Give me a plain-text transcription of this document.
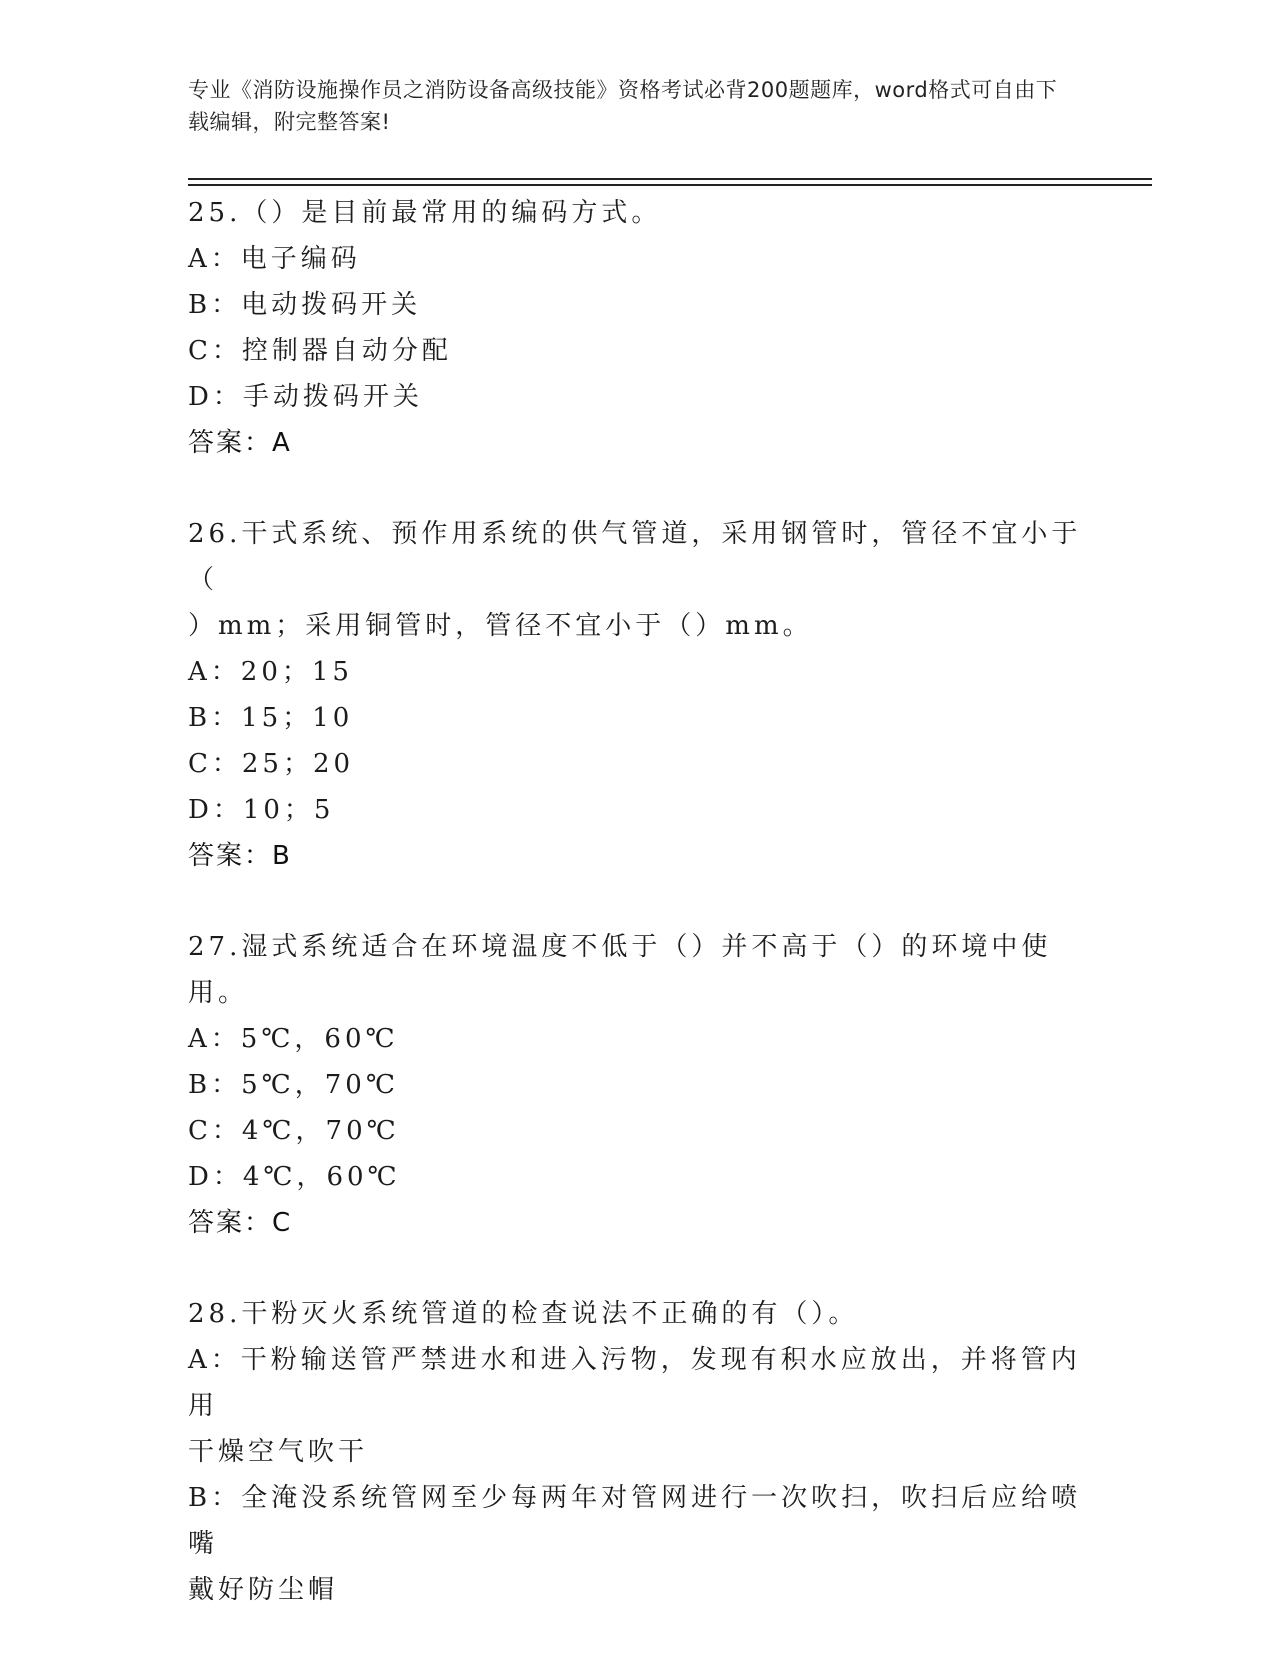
专业《消防设施操作员之消防设备高级技能》资格考试必背200题题库，word格式可自由下载编辑，附完整答案!
25.（）是目前最常用的编码方式。
A：电子编码
B：电动拨码开关
C：控制器自动分配
D：手动拨码开关
答案：A
26.干式系统、预作用系统的供气管道，采用钢管时，管径不宜小于（
）mm；采用铜管时，管径不宜小于（）mm。
A：20；15
B：15；10
C：25；20
D：10；5
答案：B
27.湿式系统适合在环境温度不低于（）并不高于（）的环境中使用。
A：5℃，60℃
B：5℃，70℃
C：4℃，70℃
D：4℃，60℃
答案：C
28.干粉灭火系统管道的检查说法不正确的有（）。
A：干粉输送管严禁进水和进入污物，发现有积水应放出，并将管内用
干燥空气吹干
B：全淹没系统管网至少每两年对管网进行一次吹扫，吹扫后应给喷嘴
戴好防尘帽
